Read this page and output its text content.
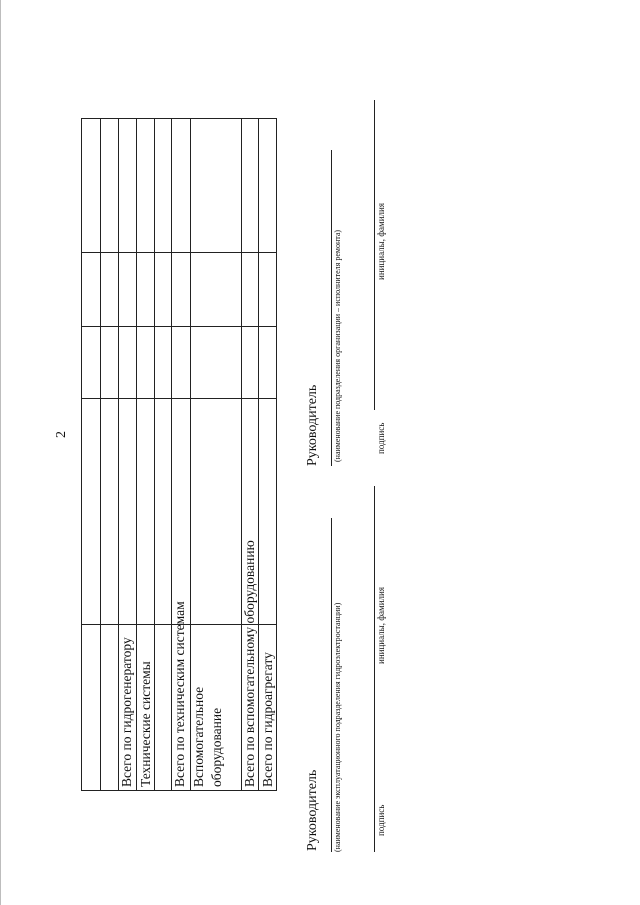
2
Всего по гидрогенератору Технические системы Всего по техническим системам Вспомогательное оборудование Всего по вспомогательному оборудованию Всего по гидроагрегату
Руководитель (наименование эксплуатационного подразделения гидроэлектростанции)	подпись
инициалы, фамилия
Руководитель (наименование подразделения организации – исполнителя ремонта)	подпись
инициалы, фамилия
